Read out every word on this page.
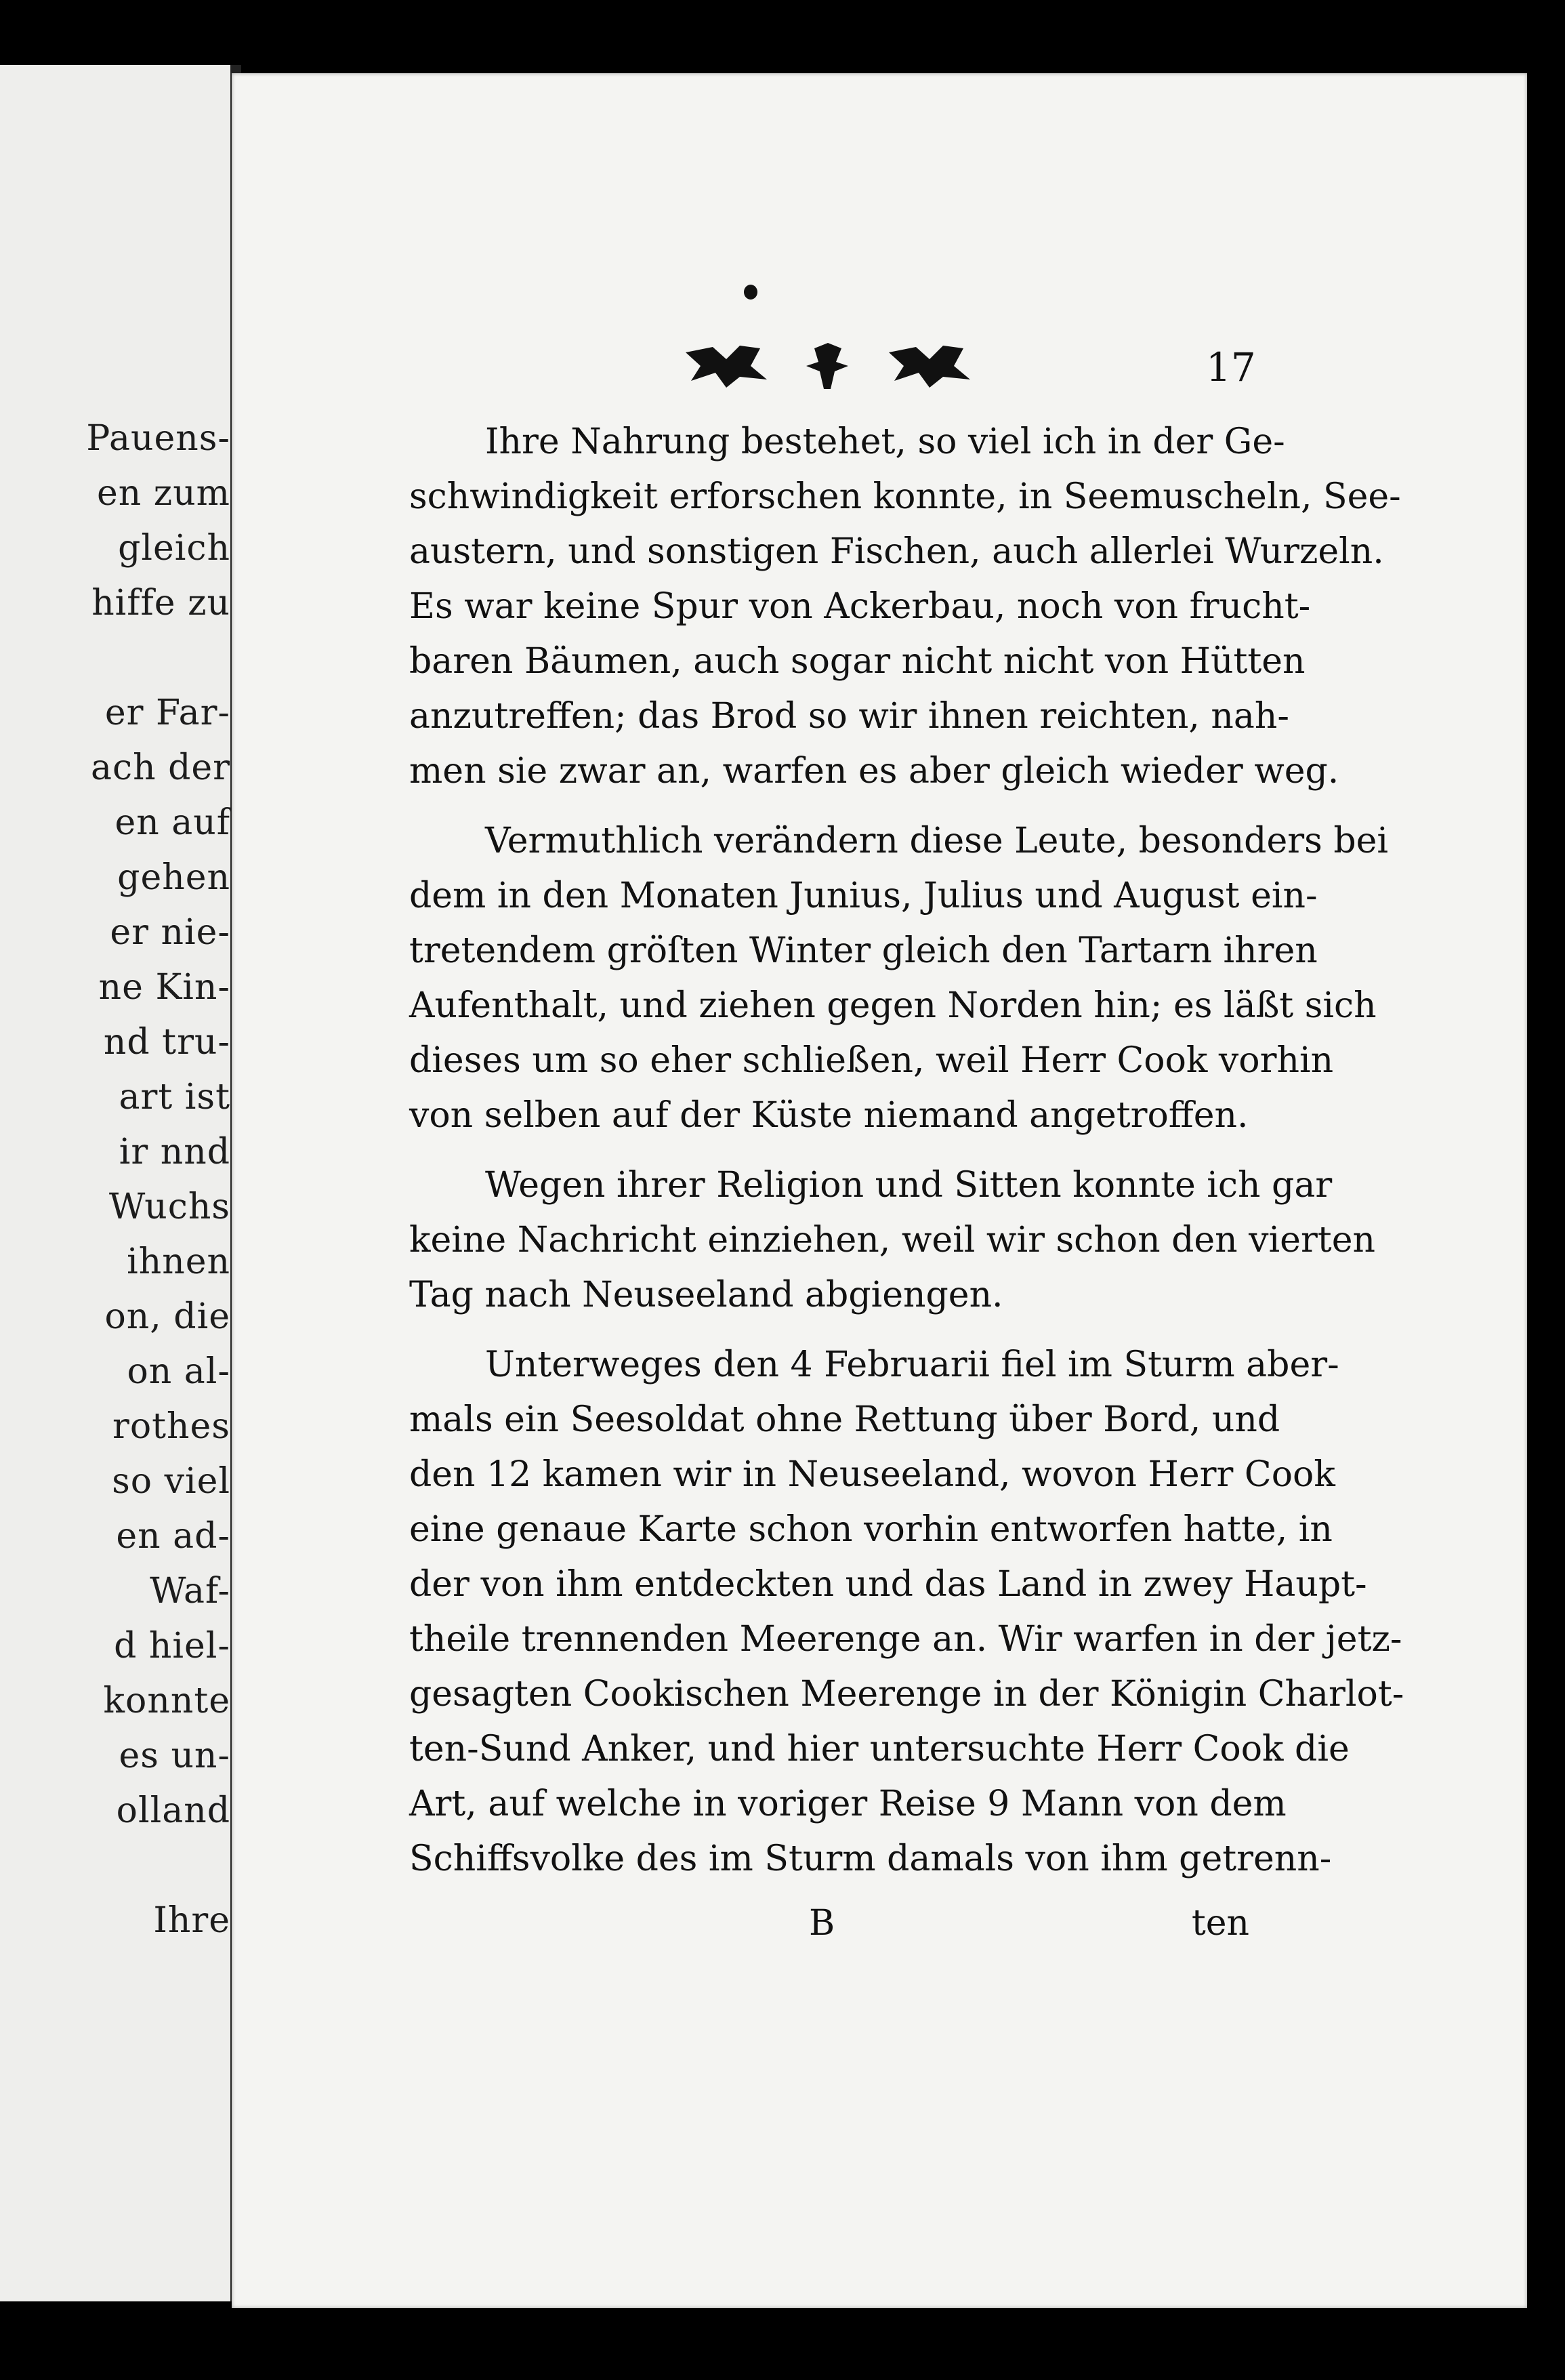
Pauens-
en zum
gleich
hiffe zu
er Far-
ach der
en auf
gehen
er nie-
ne Kin-
nd tru-
art ist
ir nnd
Wuchs
ihnen
on, die
on al-
rothes
so viel
en ad-
Waf-
d hiel-
konnte
es un-
olland
Ihre
17
Ihre Nahrung bestehet, so viel ich in der Ge-
schwindigkeit erforschen konnte, in Seemuscheln, See-
austern, und sonstigen Fischen, auch allerlei Wurzeln.
Es war keine Spur von Ackerbau, noch von frucht-
baren Bäumen, auch sogar nicht nicht von Hütten
anzutreffen; das Brod so wir ihnen reichten, nah-
men sie zwar an, warfen es aber gleich wieder weg.
Vermuthlich verändern diese Leute, besonders bei
dem in den Monaten Junius, Julius und August ein-
tretendem gröſten Winter gleich den Tartarn ihren
Aufenthalt, und ziehen gegen Norden hin; es läßt sich
dieses um so eher schließen, weil Herr Cook vorhin
von selben auf der Küste niemand angetroffen.
Wegen ihrer Religion und Sitten konnte ich gar
keine Nachricht einziehen, weil wir schon den vierten
Tag nach Neuseeland abgiengen.
Unterweges den 4 Februarii fiel im Sturm aber-
mals ein Seesoldat ohne Rettung über Bord, und
den 12 kamen wir in Neuseeland, wovon Herr Cook
eine genaue Karte schon vorhin entworfen hatte, in
der von ihm entdeckten und das Land in zwey Haupt-
theile trennenden Meerenge an. Wir warfen in der jetz-
gesagten Cookischen Meerenge in der Königin Charlot-
ten-Sund Anker, und hier untersuchte Herr Cook die
Art, auf welche in voriger Reise 9 Mann von dem
Schiffsvolke des im Sturm damals von ihm getrenn-
B	ten
